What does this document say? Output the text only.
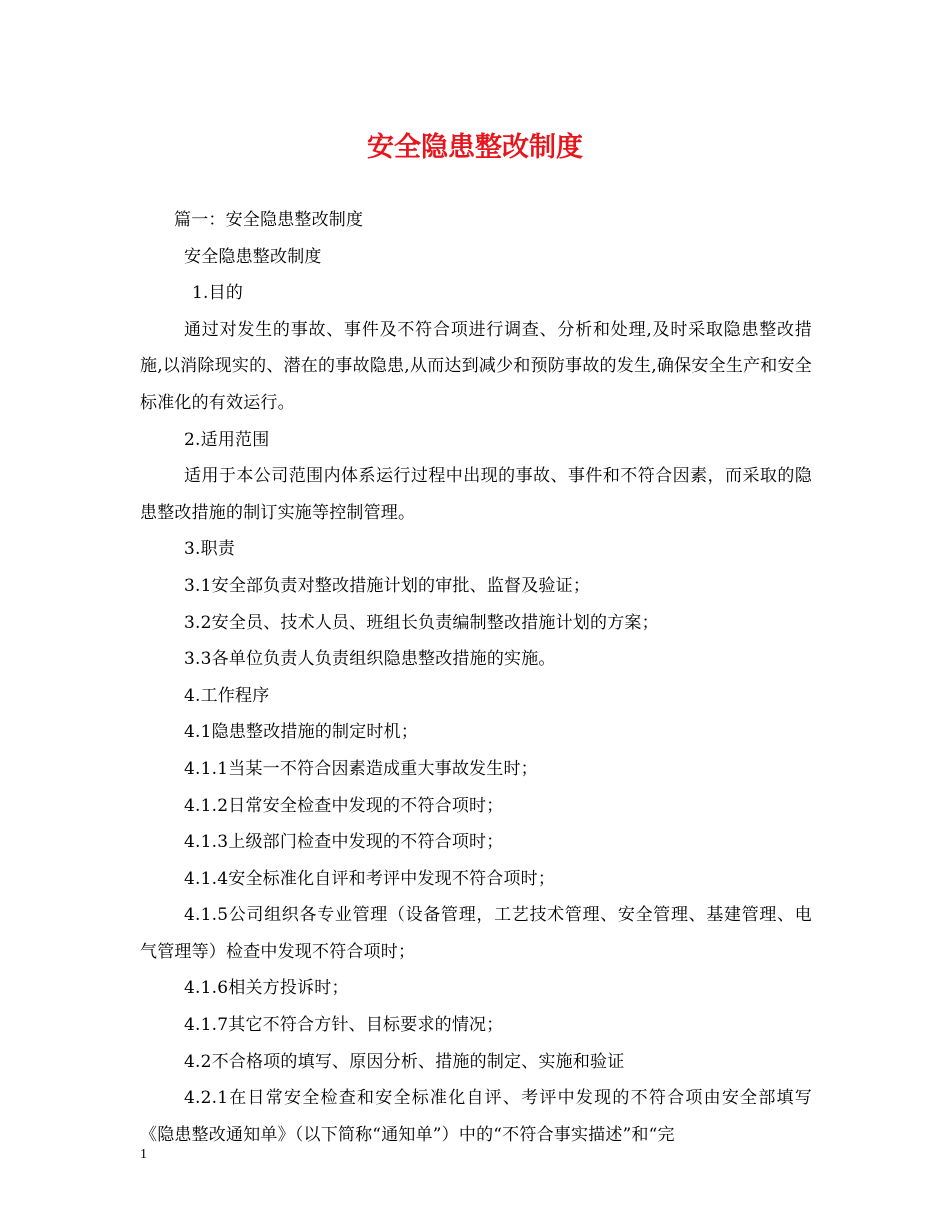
安全隐患整改制度

篇一：安全隐患整改制度

安全隐患整改制度

1.目的

通过对发生的事故、事件及不符合项进行调查、分析和处理,及时采取隐患整改措施,以消除现实的、潜在的事故隐患,从而达到减少和预防事故的发生,确保安全生产和安全标准化的有效运行。

2.适用范围

适用于本公司范围内体系运行过程中出现的事故、事件和不符合因素，而采取的隐患整改措施的制订实施等控制管理。

3.职责

3.1安全部负责对整改措施计划的审批、监督及验证；

3.2安全员、技术人员、班组长负责编制整改措施计划的方案；

3.3各单位负责人负责组织隐患整改措施的实施。

4.工作程序

4.1隐患整改措施的制定时机；

4.1.1当某一不符合因素造成重大事故发生时；

4.1.2日常安全检查中发现的不符合项时；

4.1.3上级部门检查中发现的不符合项时；

4.1.4安全标准化自评和考评中发现不符合项时；

4.1.5公司组织各专业管理（设备管理，工艺技术管理、安全管理、基建管理、电气管理等）检查中发现不符合项时；

4.1.6相关方投诉时；

4.1.7其它不符合方针、目标要求的情况；

4.2不合格项的填写、原因分析、措施的制定、实施和验证

4.2.1在日常安全检查和安全标准化自评、考评中发现的不符合项由安全部填写《隐患整改通知单》（以下简称“通知单”）中的“不符合事实描述”和“完

1
